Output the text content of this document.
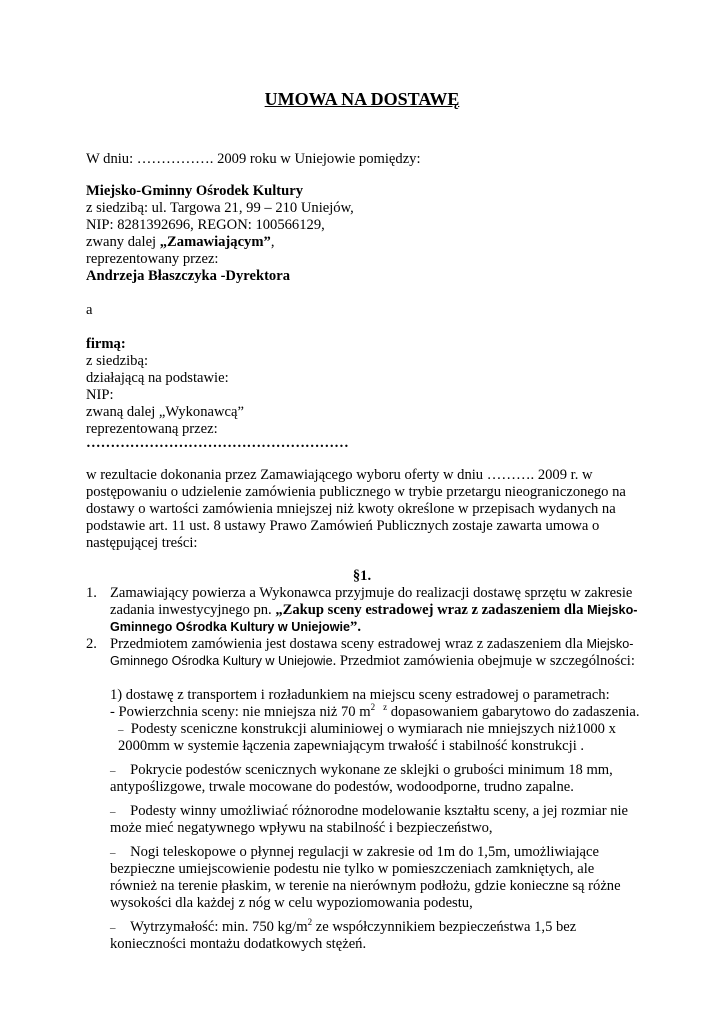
UMOWA NA DOSTAWĘ
W dniu: ……………. 2009 roku w Uniejowie pomiędzy:
Miejsko-Gminny Ośrodek Kultury
z siedzibą: ul. Targowa 21, 99 – 210 Uniejów,
NIP: 8281392696, REGON: 100566129,
zwany dalej „Zamawiającym”,
reprezentowany przez:
Andrzeja Błaszczyka -Dyrektora
a
firmą:
z siedzibą:
działającą na podstawie:
NIP:
zwaną dalej „Wykonawcą”
reprezentowaną przez:
………………………………………………
w rezultacie dokonania przez Zamawiającego wyboru oferty w dniu ………. 2009 r. w
postępowaniu o udzielenie zamówienia publicznego w trybie przetargu nieograniczonego na
dostawy o wartości zamówienia mniejszej niż kwoty określone w przepisach wydanych na
podstawie art. 11 ust. 8 ustawy Prawo Zamówień Publicznych zostaje zawarta umowa o
następującej treści:
§1.
1. Zamawiający powierza a Wykonawca przyjmuje do realizacji dostawę sprzętu w zakresie
zadania inwestycyjnego pn. „Zakup sceny estradowej wraz z zadaszeniem dla Miejsko-
Gminnego Ośrodka Kultury w Uniejowie”.
2. Przedmiotem zamówienia jest dostawa sceny estradowej wraz z zadaszeniem dla Miejsko-
Gminnego Ośrodka Kultury w Uniejowie. Przedmiot zamówienia obejmuje w szczególności:
1) dostawę z transportem i rozładunkiem na miejscu sceny estradowej o parametrach:
- Powierzchnia sceny: nie mniejsza niż 70 $m^2$ $^z$ dopasowaniem gabarytowo do zadaszenia.
– Podesty sceniczne konstrukcji aluminiowej o wymiarach nie mniejszych niż1000 x
2000mm w systemie łączenia zapewniającym trwałość i stabilność konstrukcji .
– Pokrycie podestów scenicznych wykonane ze sklejki o grubości minimum 18 mm,
antypoślizgowe, trwale mocowane do podestów, wodoodporne, trudno zapalne.
– Podesty winny umożliwiać różnorodne modelowanie kształtu sceny, a jej rozmiar nie
może mieć negatywnego wpływu na stabilność i bezpieczeństwo,
– Nogi teleskopowe o płynnej regulacji w zakresie od 1m do 1,5m, umożliwiające
bezpieczne umiejscowienie podestu nie tylko w pomieszczeniach zamkniętych, ale
również na terenie płaskim, w terenie na nierównym podłożu, gdzie konieczne są różne
wysokości dla każdej z nóg w celu wypoziomowania podestu,
– Wytrzymałość: min. 750 $kg/m^2$ ze współczynnikiem bezpieczeństwa 1,5 bez
konieczności montażu dodatkowych stężeń.
